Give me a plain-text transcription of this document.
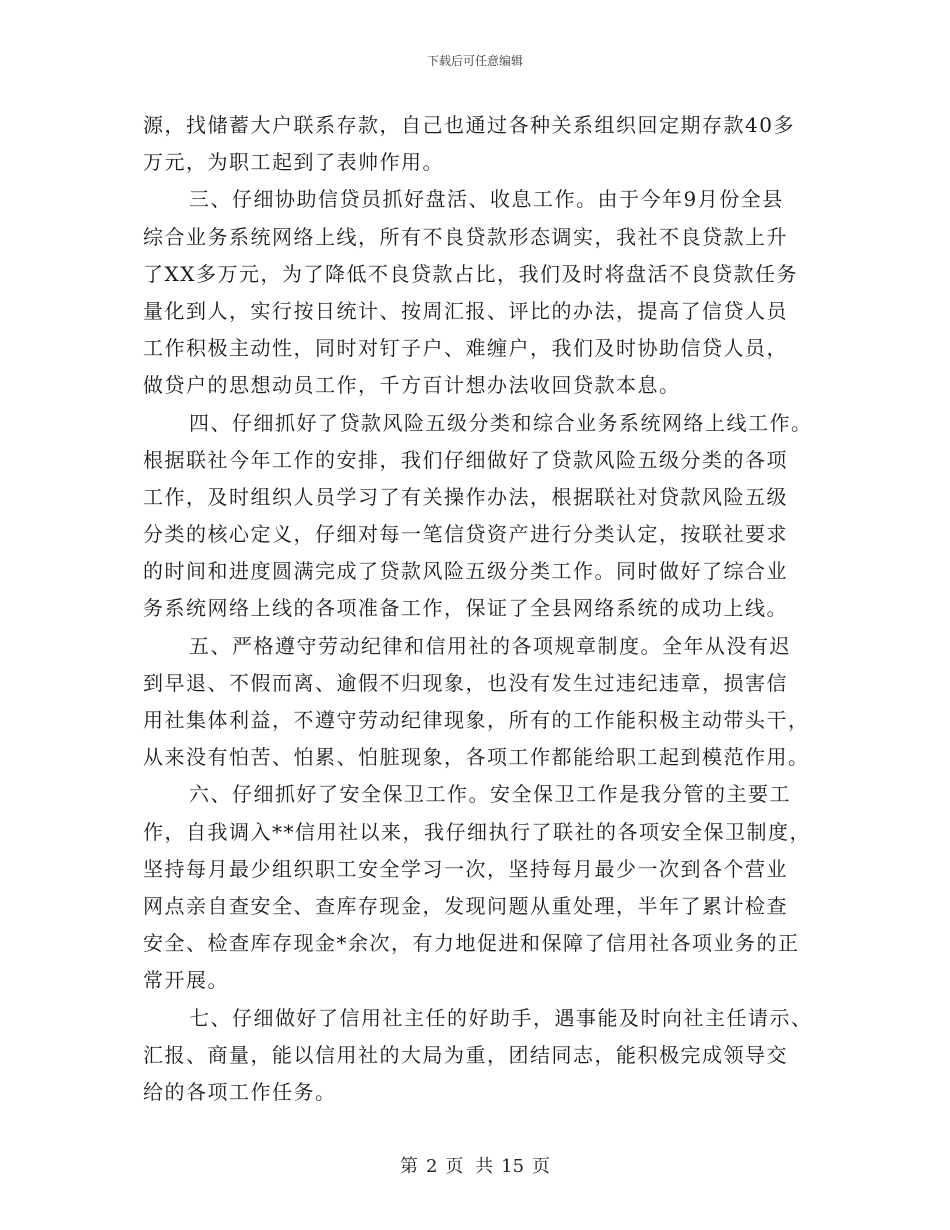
下载后可任意编辑
源，找储蓄大户联系存款，自己也通过各种关系组织回定期存款40多
万元，为职工起到了表帅作用。
三、仔细协助信贷员抓好盘活、收息工作。由于今年9月份全县
综合业务系统网络上线，所有不良贷款形态调实，我社不良贷款上升
了XX多万元，为了降低不良贷款占比，我们及时将盘活不良贷款任务
量化到人，实行按日统计、按周汇报、评比的办法，提高了信贷人员
工作积极主动性，同时对钉子户、难缠户，我们及时协助信贷人员，
做贷户的思想动员工作，千方百计想办法收回贷款本息。
四、仔细抓好了贷款风险五级分类和综合业务系统网络上线工作。
根据联社今年工作的安排，我们仔细做好了贷款风险五级分类的各项
工作，及时组织人员学习了有关操作办法，根据联社对贷款风险五级
分类的核心定义，仔细对每一笔信贷资产进行分类认定，按联社要求
的时间和进度圆满完成了贷款风险五级分类工作。同时做好了综合业
务系统网络上线的各项准备工作，保证了全县网络系统的成功上线。
五、严格遵守劳动纪律和信用社的各项规章制度。全年从没有迟
到早退、不假而离、逾假不归现象，也没有发生过违纪违章，损害信
用社集体利益，不遵守劳动纪律现象，所有的工作能积极主动带头干，
从来没有怕苦、怕累、怕脏现象，各项工作都能给职工起到模范作用。
六、仔细抓好了安全保卫工作。安全保卫工作是我分管的主要工
作，自我调入**信用社以来，我仔细执行了联社的各项安全保卫制度，
坚持每月最少组织职工安全学习一次，坚持每月最少一次到各个营业
网点亲自查安全、查库存现金，发现问题从重处理，半年了累计检查
安全、检查库存现金*余次，有力地促进和保障了信用社各项业务的正
常开展。
七、仔细做好了信用社主任的好助手，遇事能及时向社主任请示、
汇报、商量，能以信用社的大局为重，团结同志，能积极完成领导交
给的各项工作任务。
第 2 页 共 15 页
